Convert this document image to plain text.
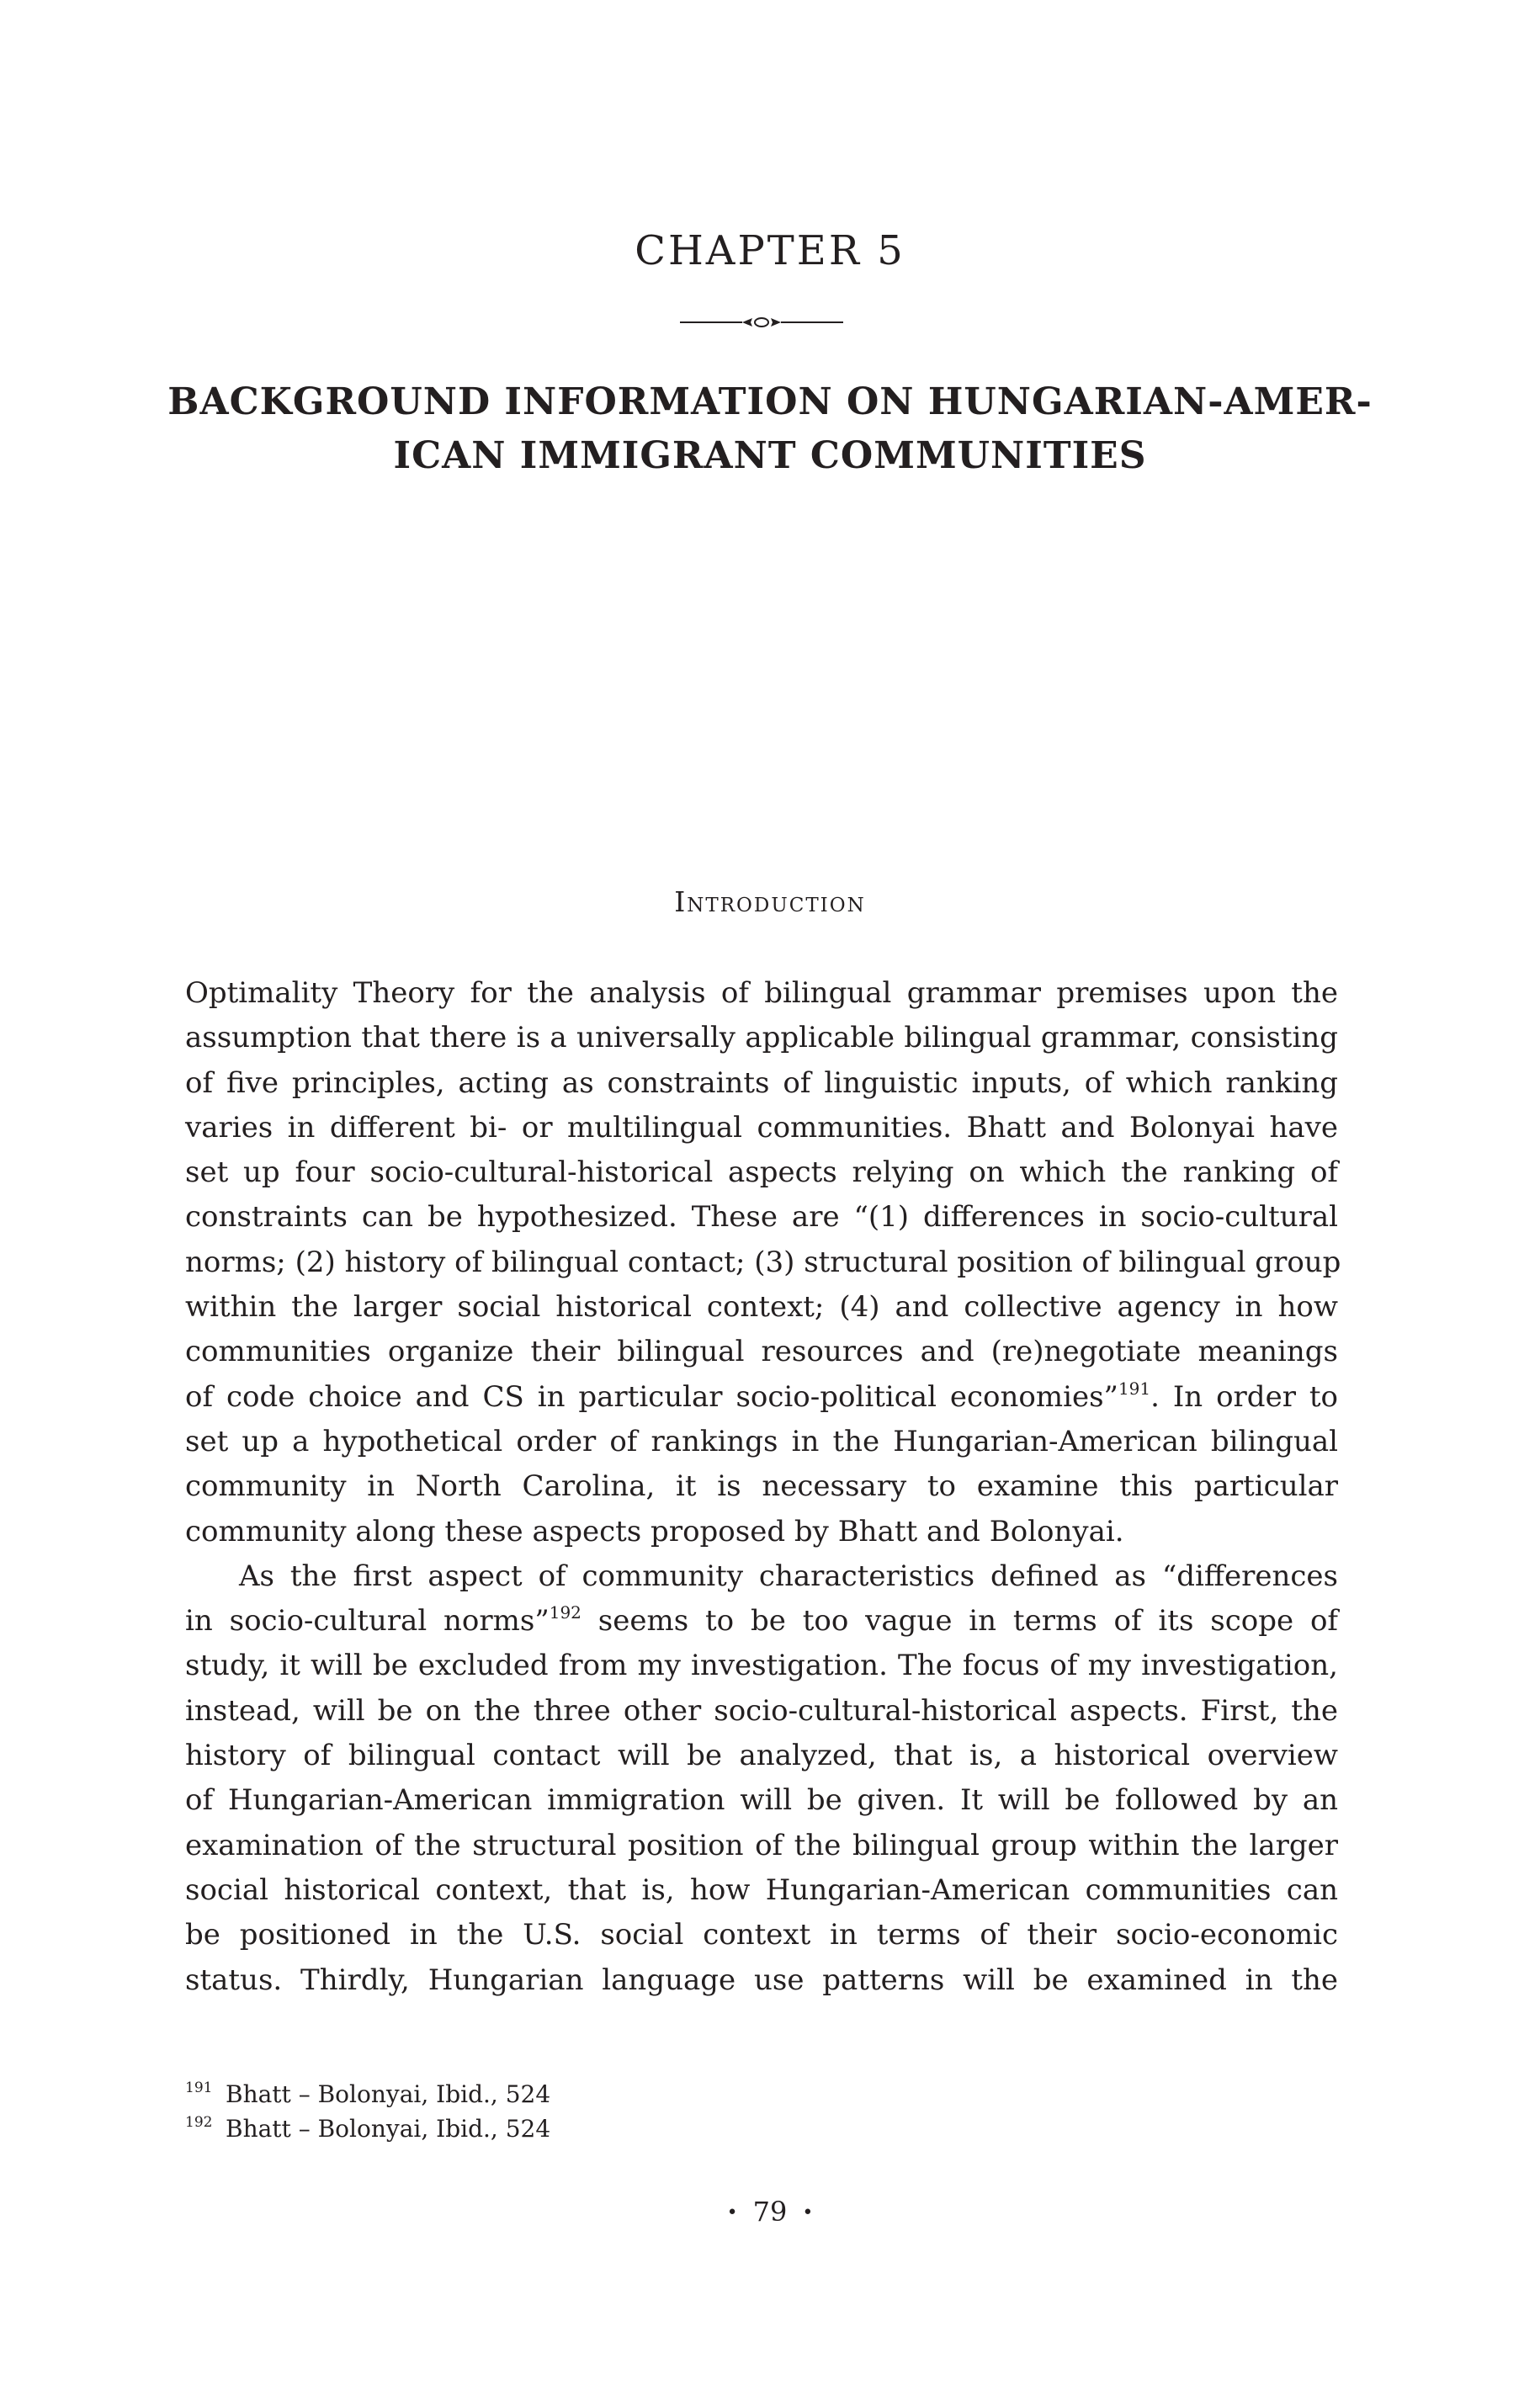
CHAPTER 5
BACKGROUND INFORMATION ON HUNGARIAN-AMER-
ICAN IMMIGRANT COMMUNITIES
Introduction
Optimality Theory for the analysis of bilingual grammar premises upon the
assumption that there is a universally applicable bilingual grammar, consisting
of five principles, acting as constraints of linguistic inputs, of which ranking
varies in different bi- or multilingual communities. Bhatt and Bolonyai have
set up four socio-cultural-historical aspects relying on which the ranking of
constraints can be hypothesized. These are “(1) differences in socio-cultural
norms; (2) history of bilingual contact; (3) structural position of bilingual group
within the larger social historical context; (4) and collective agency in how
communities organize their bilingual resources and (re)negotiate meanings
of code choice and CS in particular socio-political economies”$^{191}$. In order to
set up a hypothetical order of rankings in the Hungarian-American bilingual
community in North Carolina, it is necessary to examine this particular
community along these aspects proposed by Bhatt and Bolonyai.
As the first aspect of community characteristics defined as “differences
in socio-cultural norms”$^{192}$ seems to be too vague in terms of its scope of
study, it will be excluded from my investigation. The focus of my investigation,
instead, will be on the three other socio-cultural-historical aspects. First, the
history of bilingual contact will be analyzed, that is, a historical overview
of Hungarian-American immigration will be given. It will be followed by an
examination of the structural position of the bilingual group within the larger
social historical context, that is, how Hungarian-American communities can
be positioned in the U.S. social context in terms of their socio-economic
status. Thirdly, Hungarian language use patterns will be examined in the
191 Bhatt – Bolonyai, Ibid., 524
192 Bhatt – Bolonyai, Ibid., 524
• 79 •
